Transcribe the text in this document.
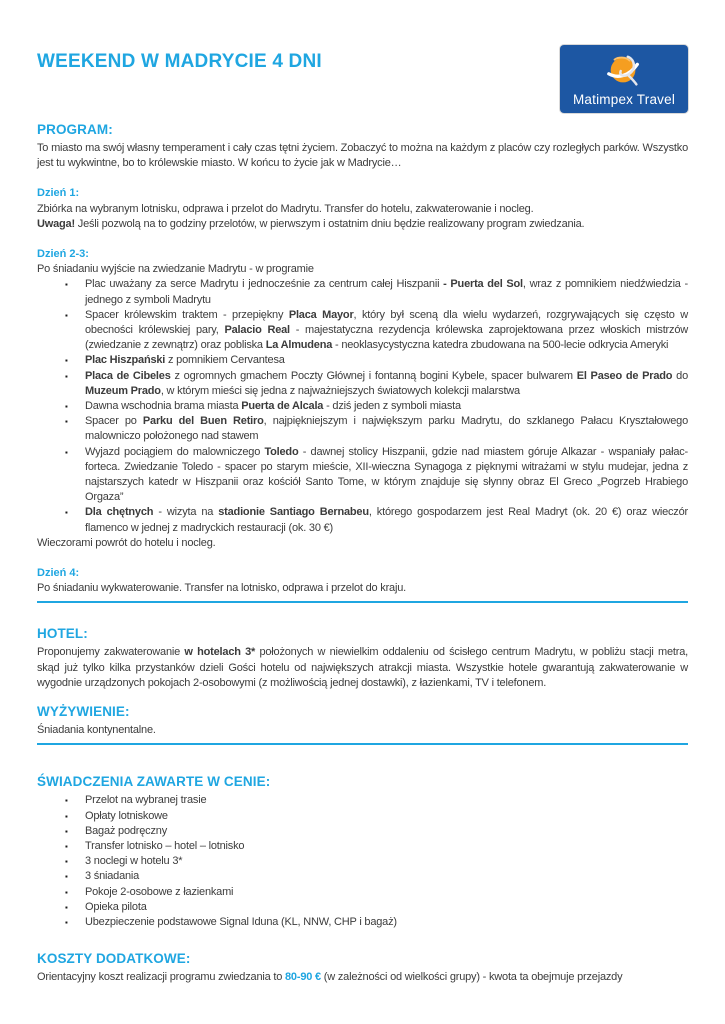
WEEKEND W MADRYCIE 4 DNI
Matimpex Travel
PROGRAM:

To miasto ma swój własny temperament i cały czas tętni życiem. Zobaczyć to można na każdym z placów czy rozległych parków. Wszystko jest tu wykwintne, bo to królewskie miasto. W końcu to życie jak w Madrycie…

Dzień 1:

Zbiórka na wybranym lotnisku, odprawa i przelot do Madrytu. Transfer do hotelu, zakwaterowanie i nocleg.

Uwaga! Jeśli pozwolą na to godziny przelotów, w pierwszym i ostatnim dniu będzie realizowany program zwiedzania.

Dzień 2-3:

Po śniadaniu wyjście na zwiedzanie Madrytu - w programie

▪	Plac uważany za serce Madrytu i jednocześnie za centrum całej Hiszpanii - Puerta del Sol, wraz z pomnikiem niedźwiedzia - jednego z symboli Madrytu
▪	Spacer królewskim traktem - przepiękny Placa Mayor, który był sceną dla wielu wydarzeń, rozgrywających się często w obecności królewskiej pary, Palacio Real - majestatyczna rezydencja królewska zaprojektowana przez włoskich mistrzów (zwiedzanie z zewnątrz) oraz pobliska La Almudena - neoklasycystyczna katedra zbudowana na 500-lecie odkrycia Ameryki
▪	Plac Hiszpański z pomnikiem Cervantesa
▪	Placa de Cibeles z ogromnych gmachem Poczty Głównej i fontanną bogini Kybele, spacer bulwarem El Paseo de Prado do Muzeum Prado, w którym mieści się jedna z najważniejszych światowych kolekcji malarstwa
▪	Dawna wschodnia brama miasta Puerta de Alcala - dziś jeden z symboli miasta
▪	Spacer po Parku del Buen Retiro, najpiękniejszym i największym parku Madrytu, do szklanego Pałacu Kryształowego malowniczo położonego nad stawem
▪	Wyjazd pociągiem do malowniczego Toledo - dawnej stolicy Hiszpanii, gdzie nad miastem góruje Alkazar - wspaniały pałac-forteca. Zwiedzanie Toledo - spacer po starym mieście, XII-wieczna Synagoga z pięknymi witrażami w stylu mudejar, jedna z najstarszych katedr w Hiszpanii oraz kościół Santo Tome, w którym znajduje się słynny obraz El Greco „Pogrzeb Hrabiego Orgaza”
▪	Dla chętnych - wizyta na stadionie Santiago Bernabeu, którego gospodarzem jest Real Madryt (ok. 20 €) oraz wieczór flamenco w jednej z madryckich restauracji (ok. 30 €)

Wieczorami powrót do hotelu i nocleg.

Dzień 4:

Po śniadaniu wykwaterowanie. Transfer na lotnisko, odprawa i przelot do kraju.

HOTEL:

Proponujemy zakwaterowanie w hotelach 3* położonych w niewielkim oddaleniu od ścisłego centrum Madrytu, w pobliżu stacji metra, skąd już tylko kilka przystanków dzieli Gości hotelu od największych atrakcji miasta. Wszystkie hotele gwarantują zakwaterowanie w wygodnie urządzonych pokojach 2-osobowymi (z możliwością jednej dostawki), z łazienkami, TV i telefonem.

WYŻYWIENIE:

Śniadania kontynentalne.

ŚWIADCZENIA ZAWARTE W CENIE:
▪	Przelot na wybranej trasie
▪	Opłaty lotniskowe
▪	Bagaż podręczny
▪	Transfer lotnisko – hotel – lotnisko
▪	3 noclegi w hotelu 3*
▪	3 śniadania
▪	Pokoje 2-osobowe z łazienkami
▪	Opieka pilota
▪	Ubezpieczenie podstawowe Signal Iduna (KL, NNW, CHP i bagaż)
KOSZTY DODATKOWE:

Orientacyjny koszt realizacji programu zwiedzania to 80-90 € (w zależności od wielkości grupy) - kwota ta obejmuje przejazdy
